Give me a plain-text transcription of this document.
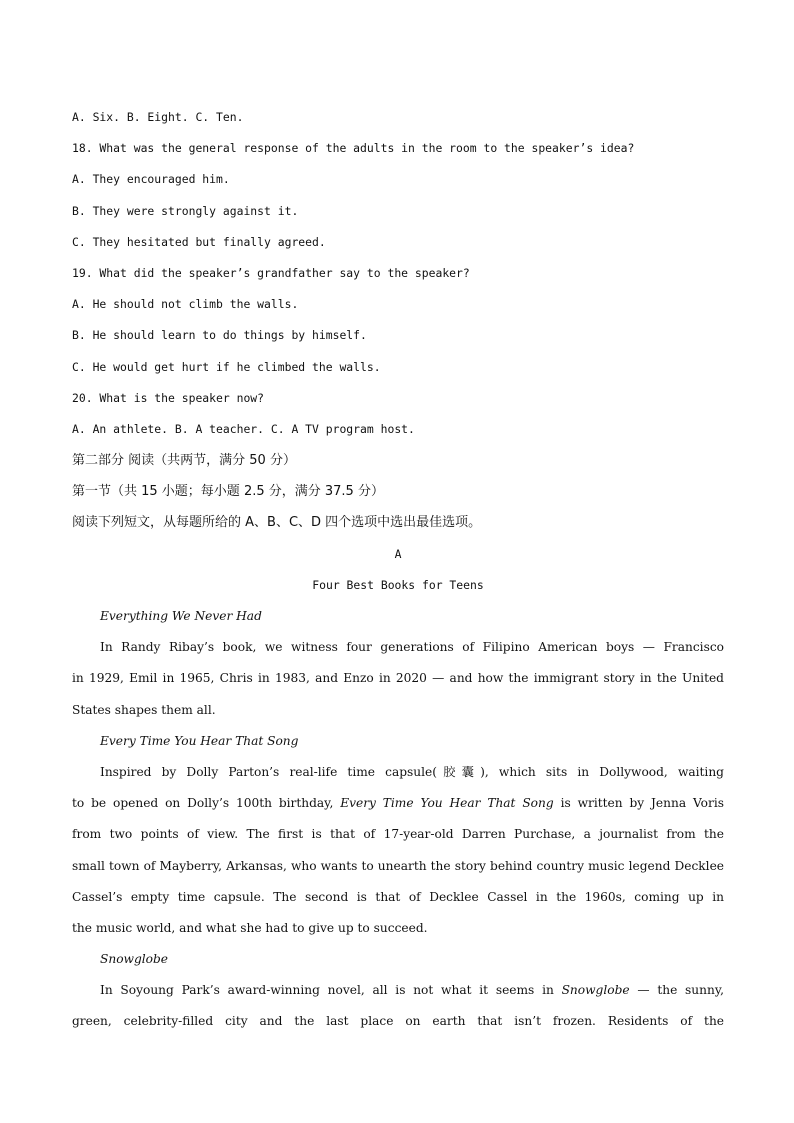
A. Six. B. Eight. C. Ten.
18. What was the general response of the adults in the room to the speaker’s idea?
A. They encouraged him.
B. They were strongly against it.
C. They hesitated but finally agreed.
19. What did the speaker’s grandfather say to the speaker?
A. He should not climb the walls.
B. He should learn to do things by himself.
C. He would get hurt if he climbed the walls.
20. What is the speaker now?
A. An athlete. B. A teacher. C. A TV program host.
第二部分 阅读（共两节，满分 50 分）
第一节（共 15 小题；每小题 2.5 分，满分 37.5 分）
阅读下列短文，从每题所给的 A、B、C、D 四个选项中选出最佳选项。
A
Four Best Books for Teens
Everything We Never Had
In Randy Ribay’s book, we witness four generations of Filipino American boys — Francisco
in 1929, Emil in 1965, Chris in 1983, and Enzo in 2020 — and how the immigrant story in the United
States shapes them all.
Every Time You Hear That Song
Inspired by Dolly Parton’s real-life time capsule(胶囊), which sits in Dollywood, waiting
to be opened on Dolly’s 100th birthday, Every Time You Hear That Song is written by Jenna Voris
from two points of view. The first is that of 17-year-old Darren Purchase, a journalist from the
small town of Mayberry, Arkansas, who wants to unearth the story behind country music legend Decklee
Cassel’s empty time capsule. The second is that of Decklee Cassel in the 1960s, coming up in
the music world, and what she had to give up to succeed.
Snowglobe
In Soyoung Park’s award-winning novel, all is not what it seems in Snowglobe — the sunny,
green, celebrity-filled city and the last place on earth that isn’t frozen. Residents of the
